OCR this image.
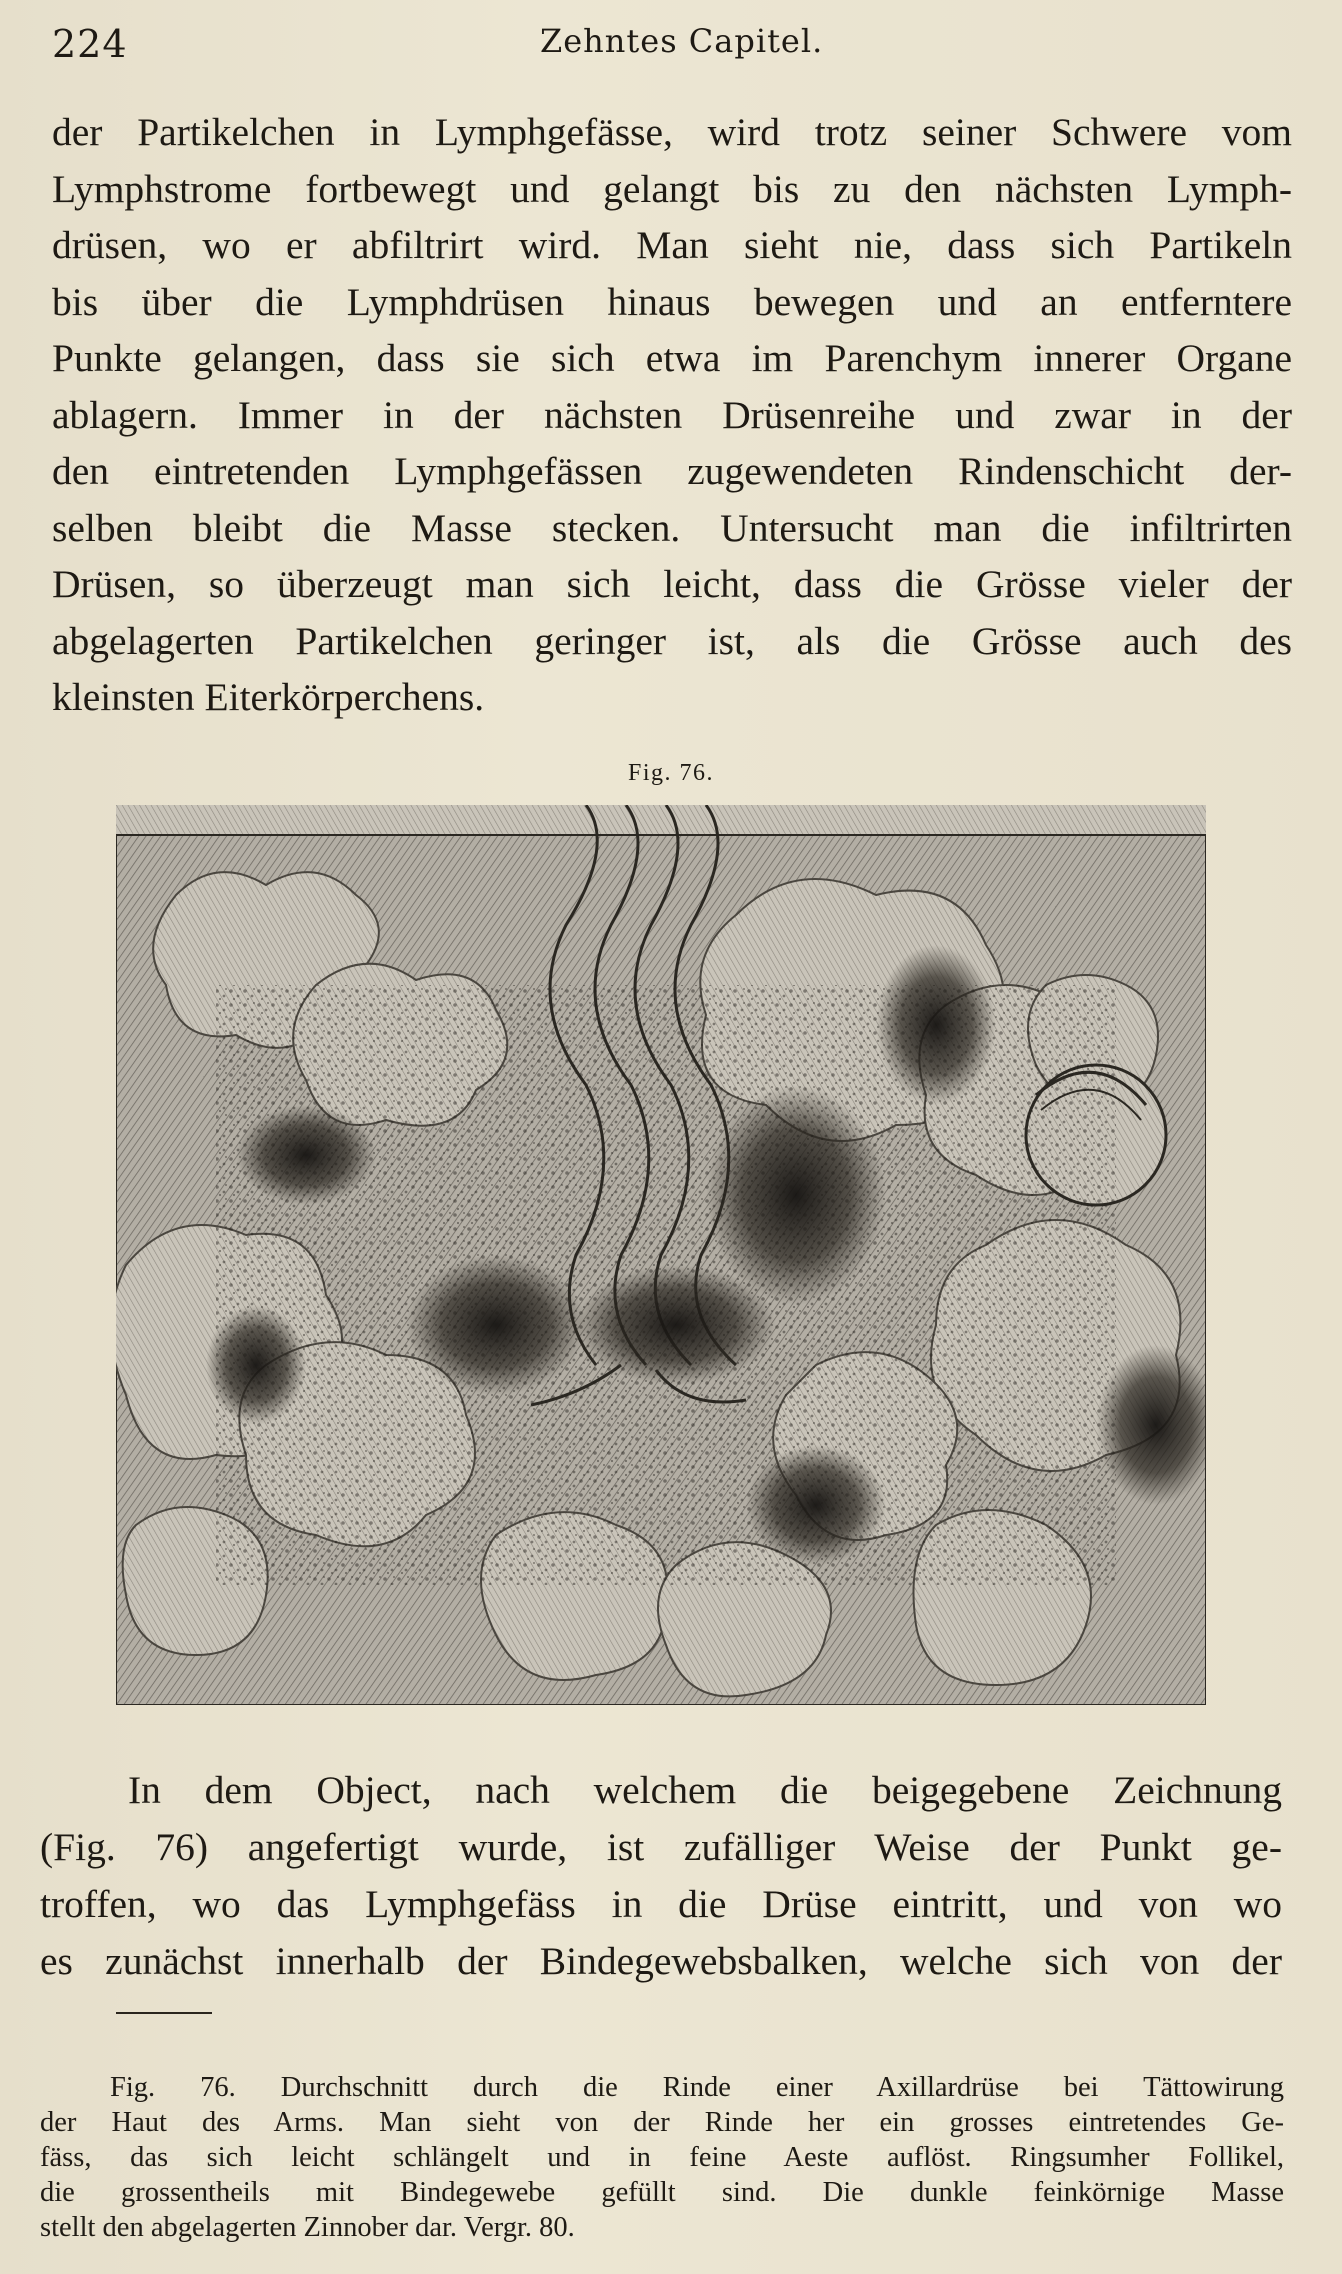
224	Zehntes Capitel.

der Partikelchen in Lymphgefässe, wird trotz seiner Schwere vom
Lymphstrome fortbewegt und gelangt bis zu den nächsten Lymph-
drüsen, wo er abfiltrirt wird. Man sieht nie, dass sich Partikeln
bis über die Lymphdrüsen hinaus bewegen und an entferntere
Punkte gelangen, dass sie sich etwa im Parenchym innerer Organe
ablagern. Immer in der nächsten Drüsenreihe und zwar in der
den eintretenden Lymphgefässen zugewendeten Rindenschicht der-
selben bleibt die Masse stecken. Untersucht man die infiltrirten
Drüsen, so überzeugt man sich leicht, dass die Grösse vieler der
abgelagerten Partikelchen geringer ist, als die Grösse auch des
kleinsten Eiterkörperchens.

Fig. 76.

In dem Object, nach welchem die beigegebene Zeichnung
(Fig. 76) angefertigt wurde, ist zufälliger Weise der Punkt ge-
troffen, wo das Lymphgefäss in die Drüse eintritt, und von wo
es zunächst innerhalb der Bindegewebsbalken, welche sich von der

Fig. 76. Durchschnitt durch die Rinde einer Axillardrüse bei Tättowirung
der Haut des Arms. Man sieht von der Rinde her ein grosses eintretendes Ge-
fäss, das sich leicht schlängelt und in feine Aeste auflöst. Ringsumher Follikel,
die grossentheils mit Bindegewebe gefüllt sind. Die dunkle feinkörnige Masse
stellt den abgelagerten Zinnober dar. Vergr. 80.
